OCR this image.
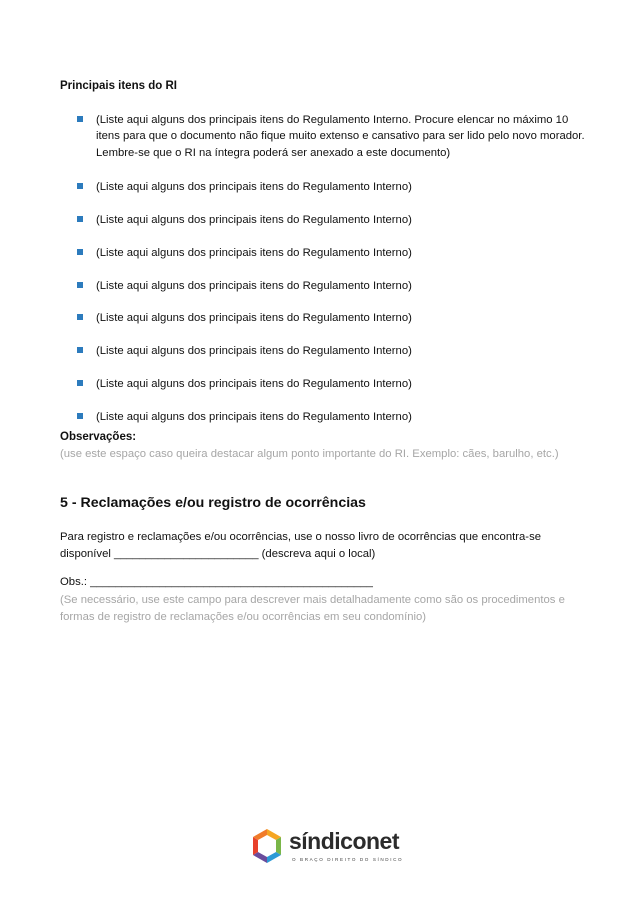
Principais itens do RI
(Liste aqui alguns dos principais itens do Regulamento Interno. Procure elencar no máximo 10 itens para que o documento não fique muito extenso e cansativo para ser lido pelo novo morador. Lembre-se que o RI na íntegra poderá ser anexado a este documento)
(Liste aqui alguns dos principais itens do Regulamento Interno)
(Liste aqui alguns dos principais itens do Regulamento Interno)
(Liste aqui alguns dos principais itens do Regulamento Interno)
(Liste aqui alguns dos principais itens do Regulamento Interno)
(Liste aqui alguns dos principais itens do Regulamento Interno)
(Liste aqui alguns dos principais itens do Regulamento Interno)
(Liste aqui alguns dos principais itens do Regulamento Interno)
(Liste aqui alguns dos principais itens do Regulamento Interno)
Observações:
(use este espaço caso queira destacar algum ponto importante do RI. Exemplo: cães, barulho, etc.)
5 - Reclamações e/ou registro de ocorrências
Para registro e reclamações e/ou ocorrências, use o nosso livro de ocorrências que encontra-se disponível _______________________ (descreva aqui o local)
Obs.: _____________________________________________
(Se necessário, use este campo para descrever mais detalhadamente como são os procedimentos e formas de registro de reclamações e/ou ocorrências em seu condomínio)
síndiconet
O BRAÇO DIREITO DO SÍNDICO
